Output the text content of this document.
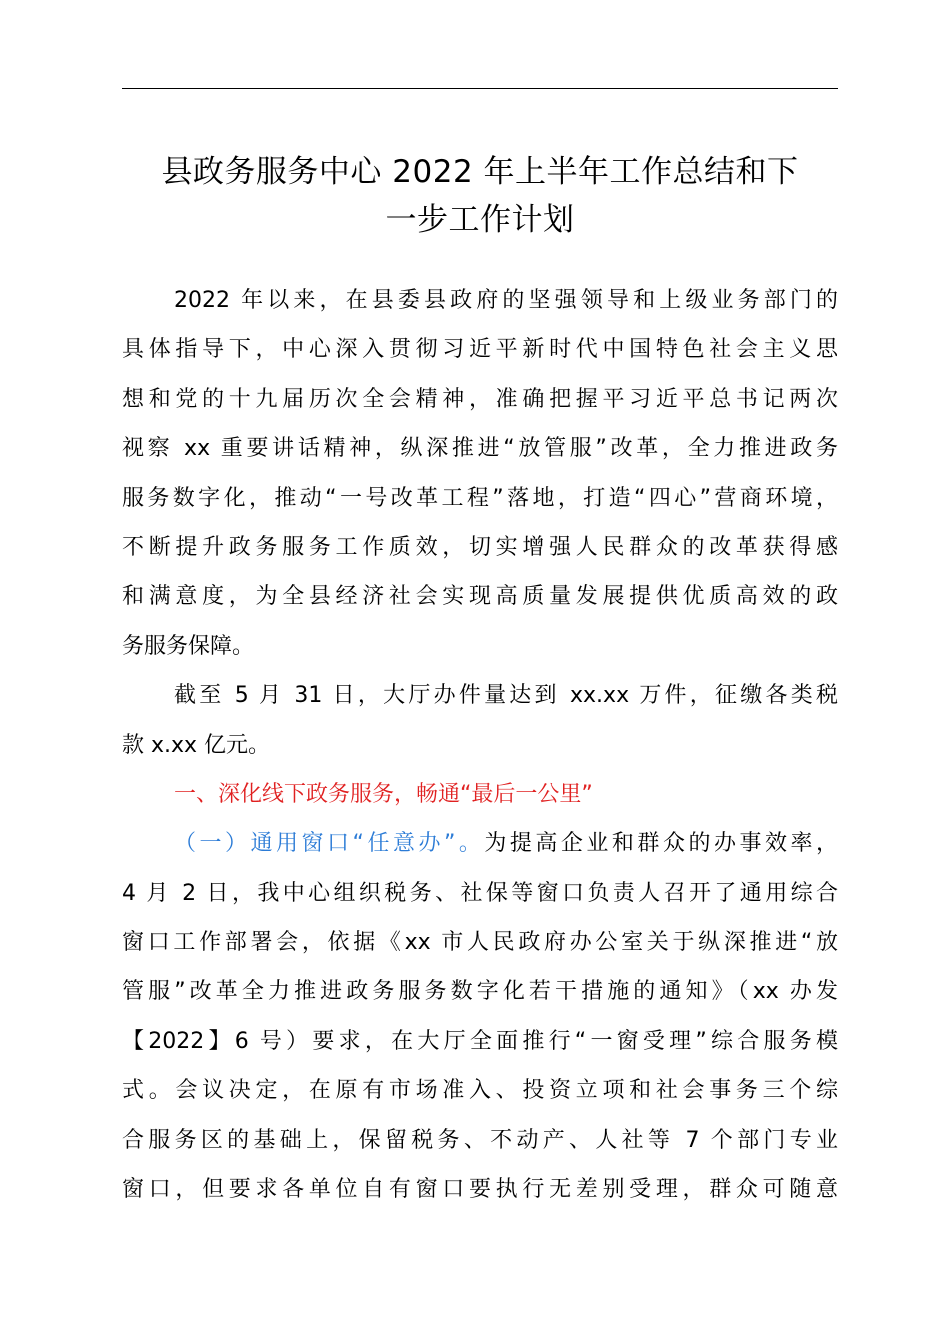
县政务服务中心 2022 年上半年工作总结和下
一步工作计划
2022 年以来，在县委县政府的坚强领导和上级业务部门的
具体指导下，中心深入贯彻习近平新时代中国特色社会主义思
想和党的十九届历次全会精神，准确把握平习近平总书记两次
视察 xx 重要讲话精神，纵深推进“放管服”改革，全力推进政务
服务数字化，推动“一号改革工程”落地，打造“四心”营商环境，
不断提升政务服务工作质效，切实增强人民群众的改革获得感
和满意度，为全县经济社会实现高质量发展提供优质高效的政
务服务保障。
截至 5 月 31 日，大厅办件量达到 xx.xx 万件，征缴各类税
款 x.xx 亿元。
一、深化线下政务服务，畅通“最后一公里”
（一）通用窗口“任意办”。为提高企业和群众的办事效率，
4 月 2 日，我中心组织税务、社保等窗口负责人召开了通用综合
窗口工作部署会，依据《xx 市人民政府办公室关于纵深推进“放
管服”改革全力推进政务服务数字化若干措施的通知》（xx 办发
【2022】6 号）要求，在大厅全面推行“一窗受理”综合服务模
式。会议决定，在原有市场准入、投资立项和社会事务三个综
合服务区的基础上，保留税务、不动产、人社等 7 个部门专业
窗口，但要求各单位自有窗口要执行无差别受理，群众可随意
